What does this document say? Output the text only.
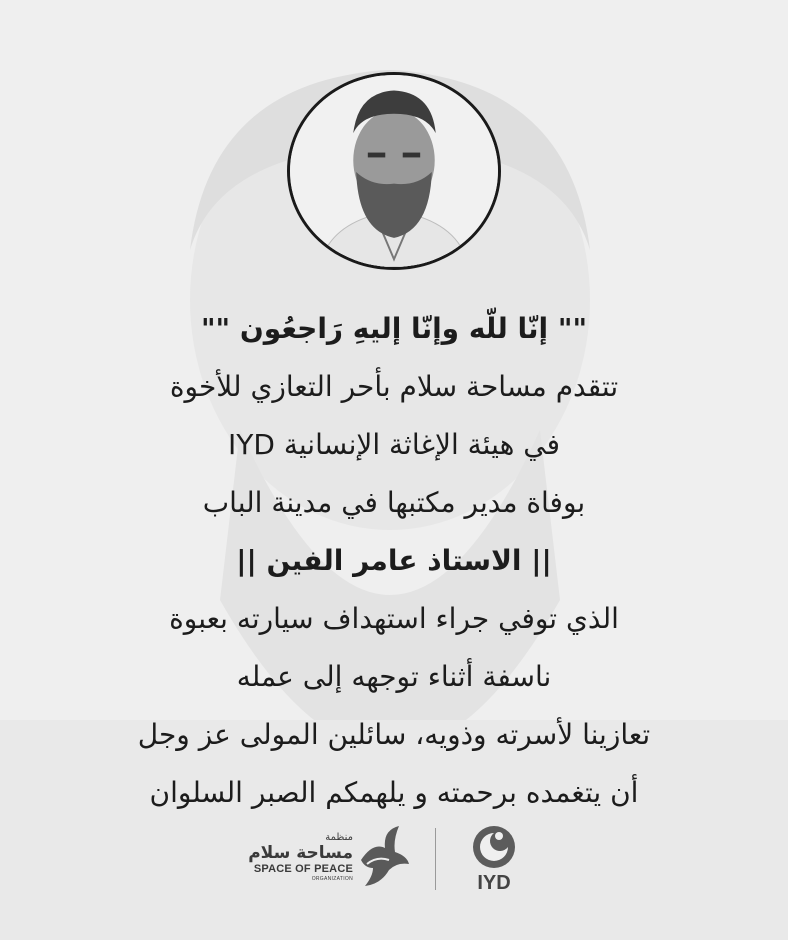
"" إنّا للّه وإنّا إليهِ رَاجعُون ""
تتقدم مساحة سلام بأحر التعازي للأخوة
في هيئة الإغاثة الإنسانية IYD
بوفاة مدير مكتبها في مدينة الباب
|| الاستاذ عامر الفين ||
الذي توفي جراء استهداف سيارته بعبوة
ناسفة أثناء توجهه إلى عمله
تعازينا لأسرته وذويه، سائلين المولى عز وجل
أن يتغمده برحمته و يلهمكم الصبر السلوان
منظمة
مساحة سلام
SPACE OF PEACE
ORGANIZATION	IYD
